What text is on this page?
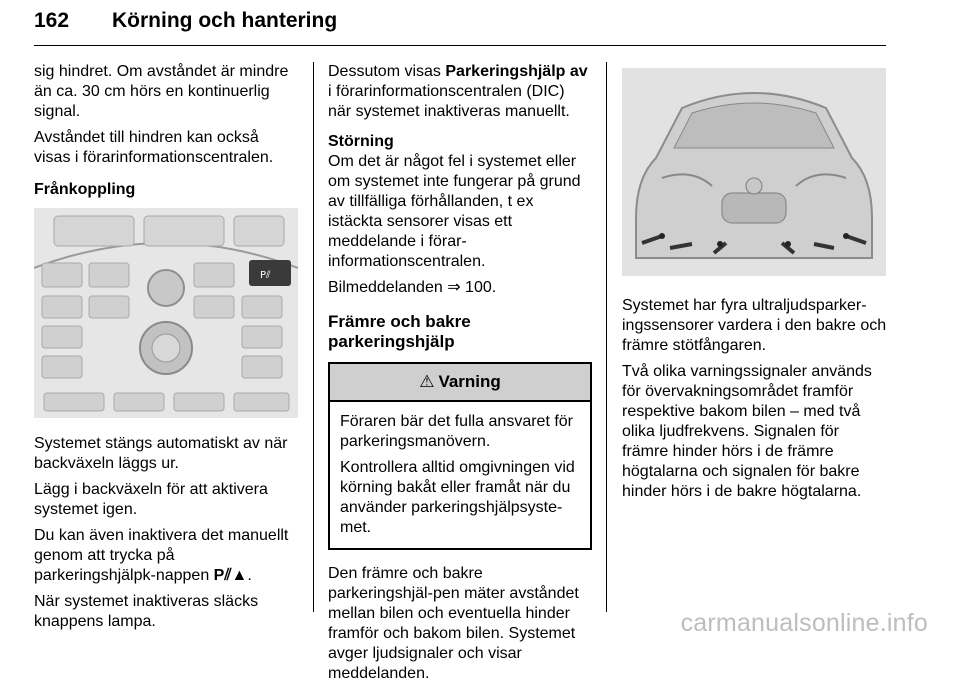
162 Körning och hantering

sig hindret. Om avståndet är mindre än ca. 30 cm hörs en kontinuerlig signal.

Avståndet till hindren kan också visas i förarinformationscentralen.

Frånkoppling
P⫽

Systemet stängs automatiskt av när backväxeln läggs ur.

Lägg i backväxeln för att aktivera systemet igen.

Du kan även inaktivera det manuellt genom att trycka på parkeringshjälpk-nappen P⫽▲.

När systemet inaktiveras släcks knappens lampa.

Dessutom visas Parkeringshjälp av i förarinformationscentralen (DIC) när systemet inaktiveras manuellt.

Störning

Om det är något fel i systemet eller om systemet inte fungerar på grund av tillfälliga förhållanden, t ex istäckta sensorer visas ett meddelande i förar-informationscentralen.

Bilmeddelanden ⇒ 100.

Främre och bakre parkeringshjälp
⚠ Varning

Föraren bär det fulla ansvaret för parkeringsmanövern.

Kontrollera alltid omgivningen vid körning bakåt eller framåt när du använder parkeringshjälpsyste-met.

Den främre och bakre parkeringshjäl-pen mäter avståndet mellan bilen och eventuella hinder framför och bakom bilen. Systemet avger ljudsignaler och visar meddelanden.

Systemet har fyra ultraljudsparker-ingssensorer vardera i den bakre och främre stötfångaren.

Två olika varningssignaler används för övervakningsområdet framför respektive bakom bilen – med två olika ljudfrekvens. Signalen för främre hinder hörs i de främre högtalarna och signalen för bakre hinder hörs i de bakre högtalarna.

carmanualsonline.info
